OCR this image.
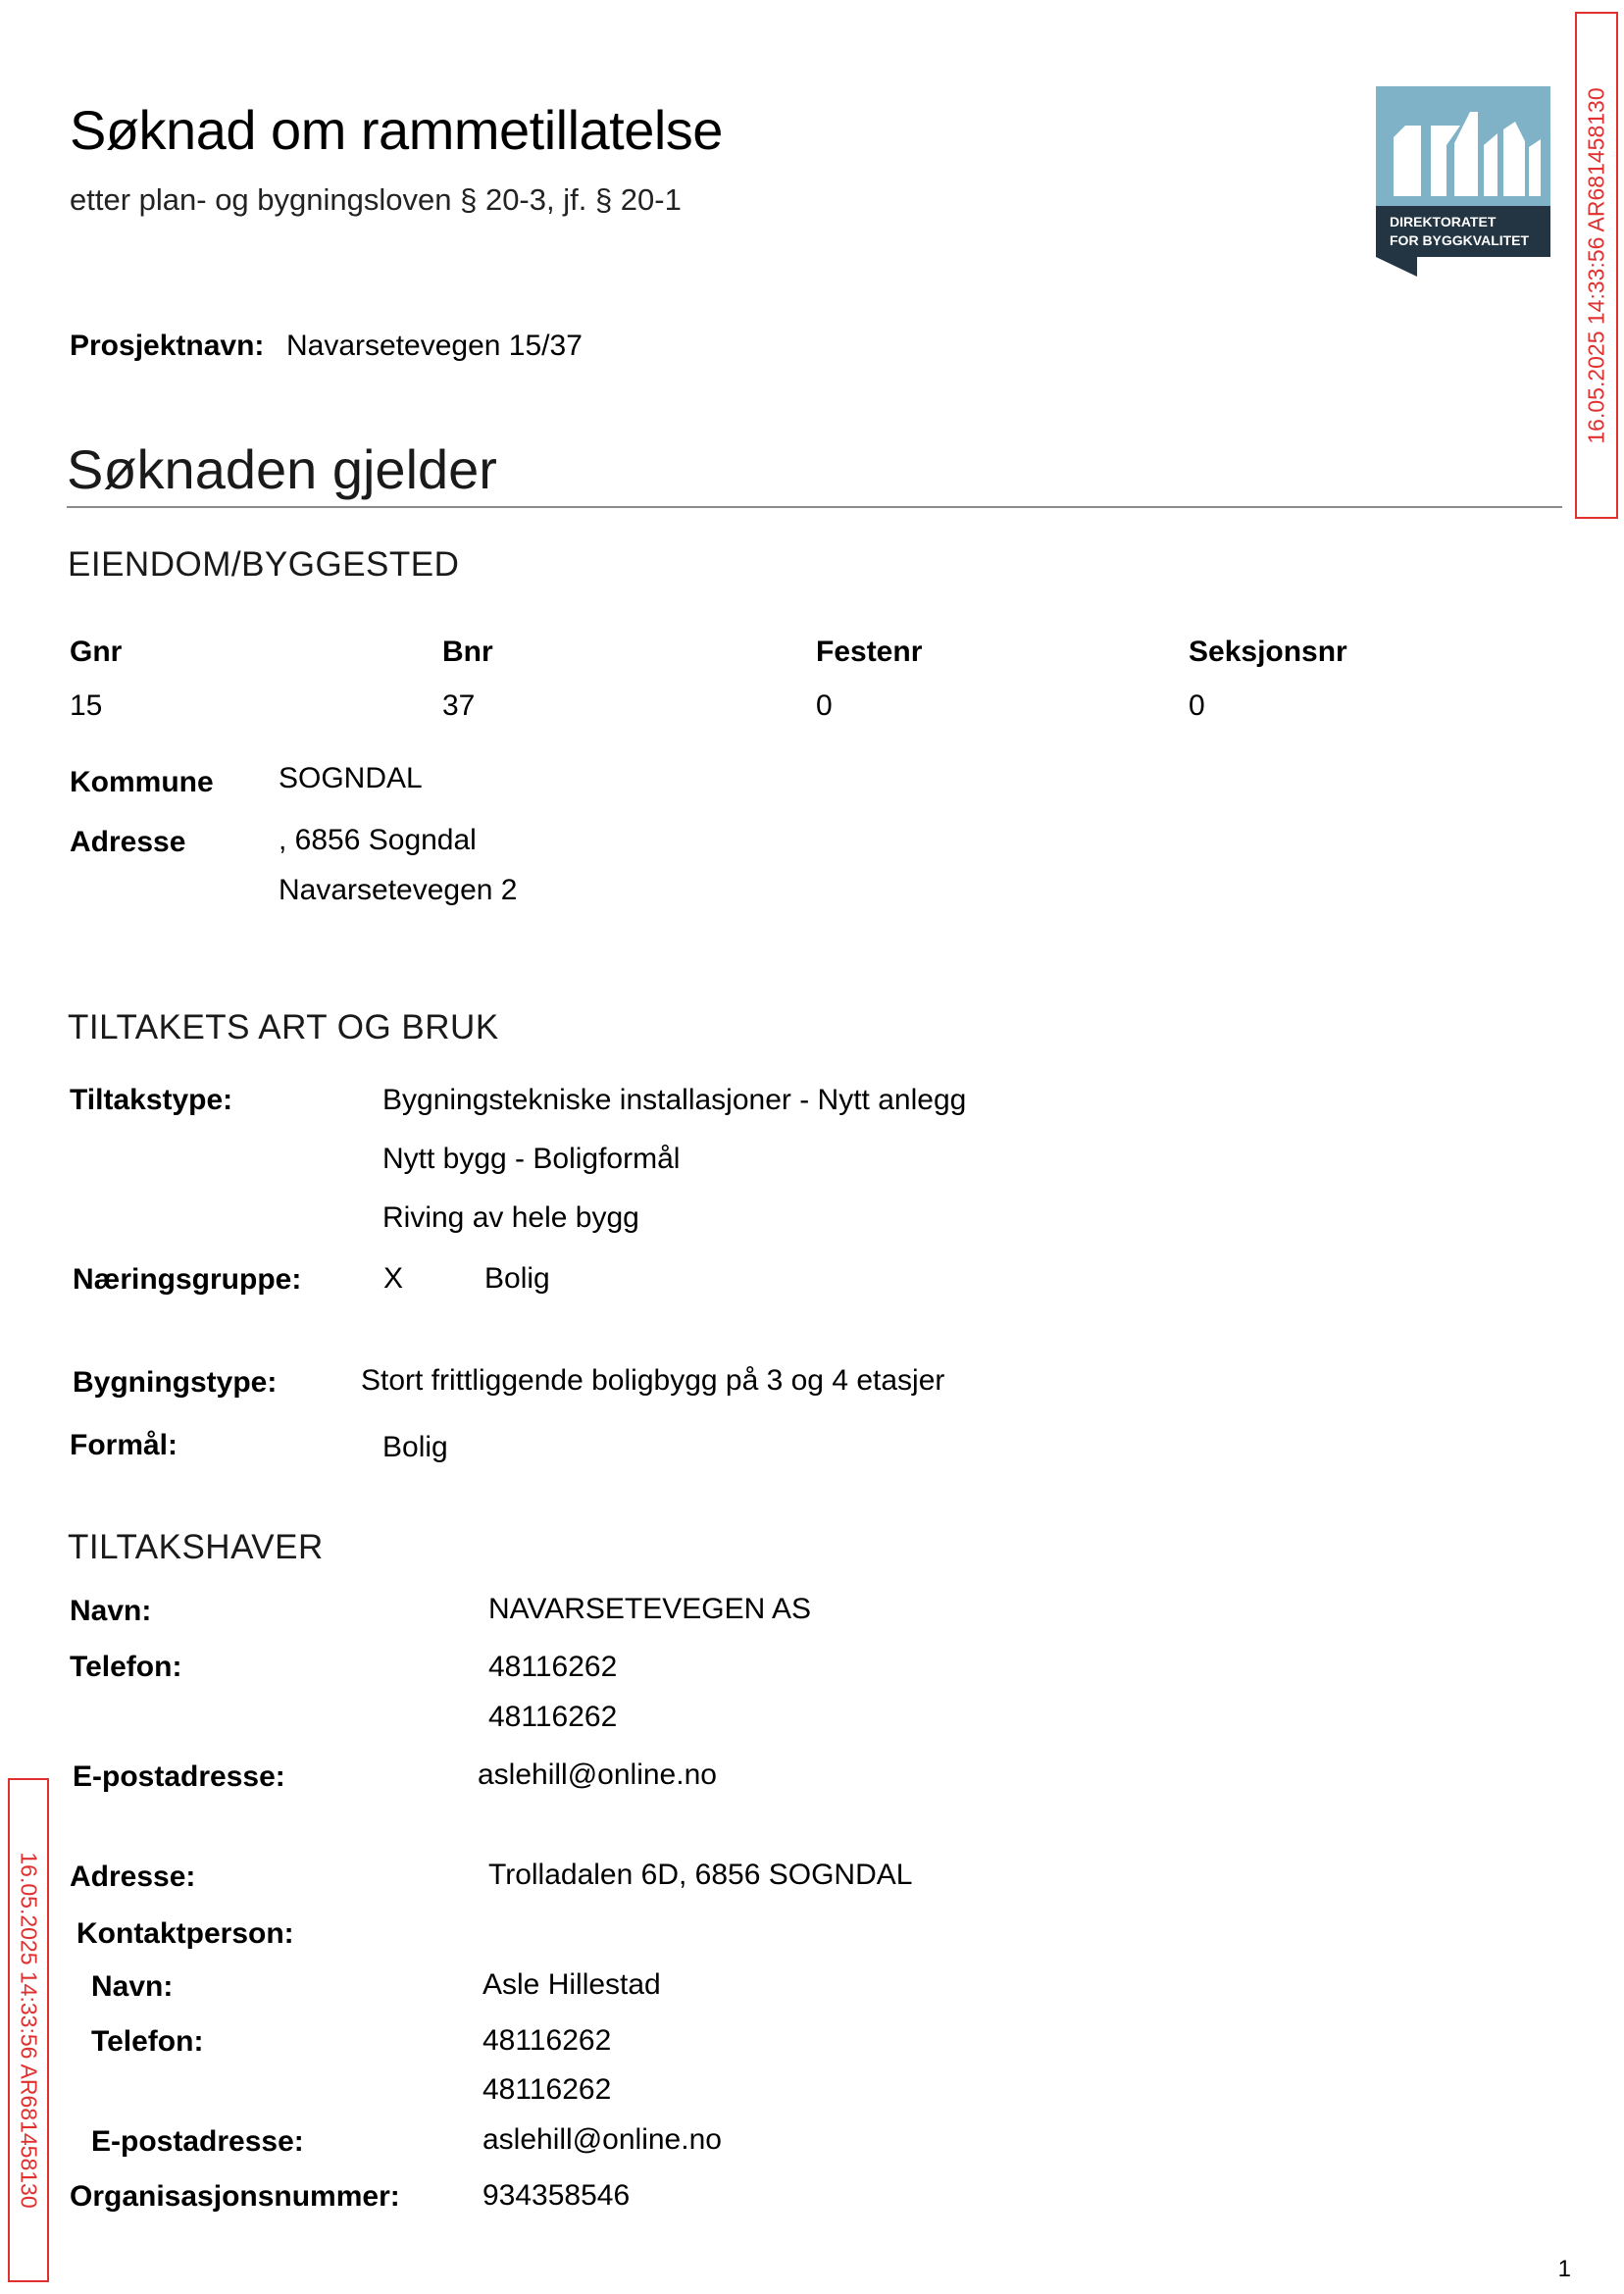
Søknad om rammetillatelse
etter plan- og bygningsloven § 20-3, jf. § 20-1
DIREKTORATET
FOR BYGGKVALITET 16.05.2025 14:33:56 AR681458130
Prosjektnavn: Navarsetevegen 15/37
Søknaden gjelder
EIENDOM/BYGGESTED
Gnr	Bnr	Festenr	Seksjonsnr
15	37	0	0
Kommune SOGNDAL
Adresse	, 6856 Sogndal
Navarsetevegen 2
TILTAKETS ART OG BRUK
Tiltakstype:	Bygningstekniske installasjoner - Nytt anlegg
Nytt bygg - Boligformål
Riving av hele bygg
Næringsgruppe:	X	Bolig
Bygningstype:	Stort frittliggende boligbygg på 3 og 4 etasjer
Formål:	Bolig
TILTAKSHAVER
Navn:	NAVARSETEVEGEN AS
Telefon:	48116262
48116262
E-postadresse:	aslehill@online.no
Adresse:	Trolladalen 6D, 6856 SOGNDAL
Kontaktperson:
Navn:	Asle Hillestad
Telefon:	48116262
48116262
E-postadresse:	aslehill@online.no
Organisasjonsnummer:	934358546
16.05.2025 14:33:56 AR681458130
1
